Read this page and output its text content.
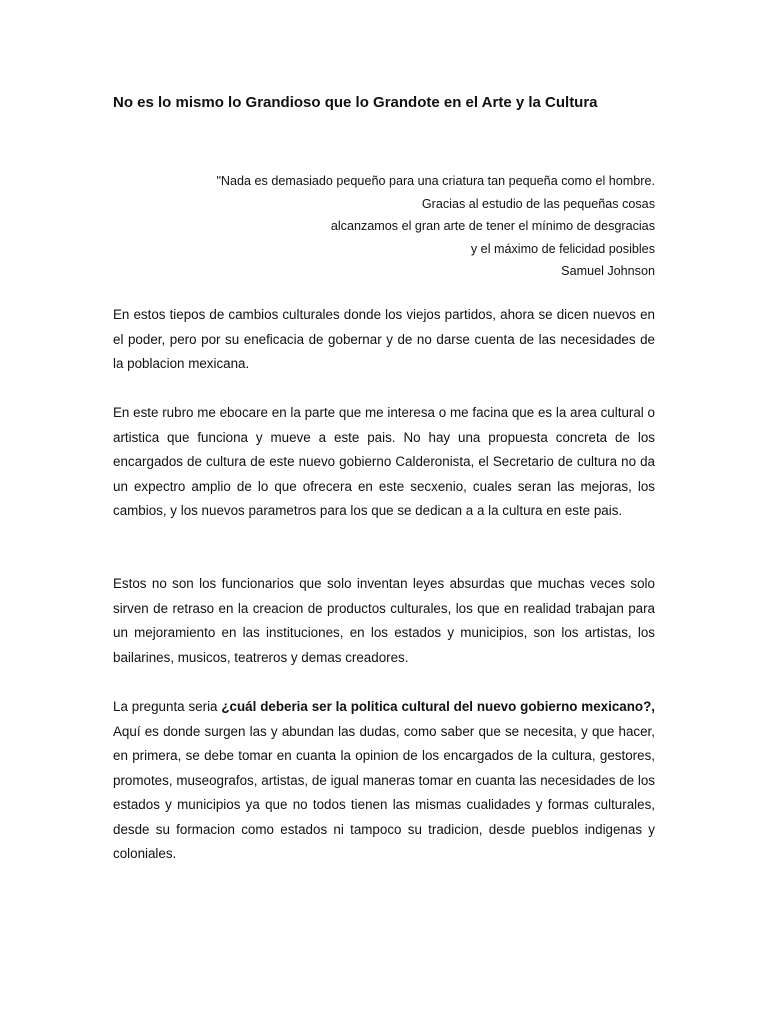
No es lo mismo lo Grandioso que lo Grandote en el Arte y la Cultura
"Nada es demasiado pequeño para una criatura tan pequeña como el hombre.
Gracias al estudio de las pequeñas cosas
alcanzamos el gran arte de tener el mínimo de desgracias
y el máximo de felicidad posibles
Samuel Johnson

En estos tiepos de cambios culturales donde los viejos partidos, ahora se dicen nuevos en el poder, pero por su eneficacia de gobernar y de no darse cuenta de las necesidades de la poblacion mexicana.

En este rubro me ebocare en la parte que me interesa o me facina que es la area cultural o artistica que funciona y mueve a este pais. No hay una propuesta concreta de los encargados de cultura de este nuevo gobierno Calderonista, el Secretario de cultura no da un expectro amplio de lo que ofrecera en este secxenio, cuales seran las mejoras, los cambios, y los nuevos parametros para los que se dedican a a la cultura en este pais.

Estos no son los funcionarios que solo inventan leyes absurdas que muchas veces solo sirven de retraso en la creacion de productos culturales, los que en realidad trabajan para un mejoramiento en las instituciones, en los estados y municipios, son los artistas, los bailarines, musicos, teatreros y demas creadores.

La pregunta seria ¿cuál deberia ser la politica cultural del nuevo gobierno mexicano?, Aquí es donde surgen las y abundan las dudas, como saber que se necesita, y que hacer, en primera, se debe tomar en cuanta la opinion de los encargados de la cultura, gestores, promotes, museografos, artistas, de igual maneras tomar en cuanta las necesidades de los estados y municipios ya que no todos tienen las mismas cualidades y formas culturales, desde su formacion como estados ni tampoco su tradicion, desde pueblos indigenas y coloniales.
